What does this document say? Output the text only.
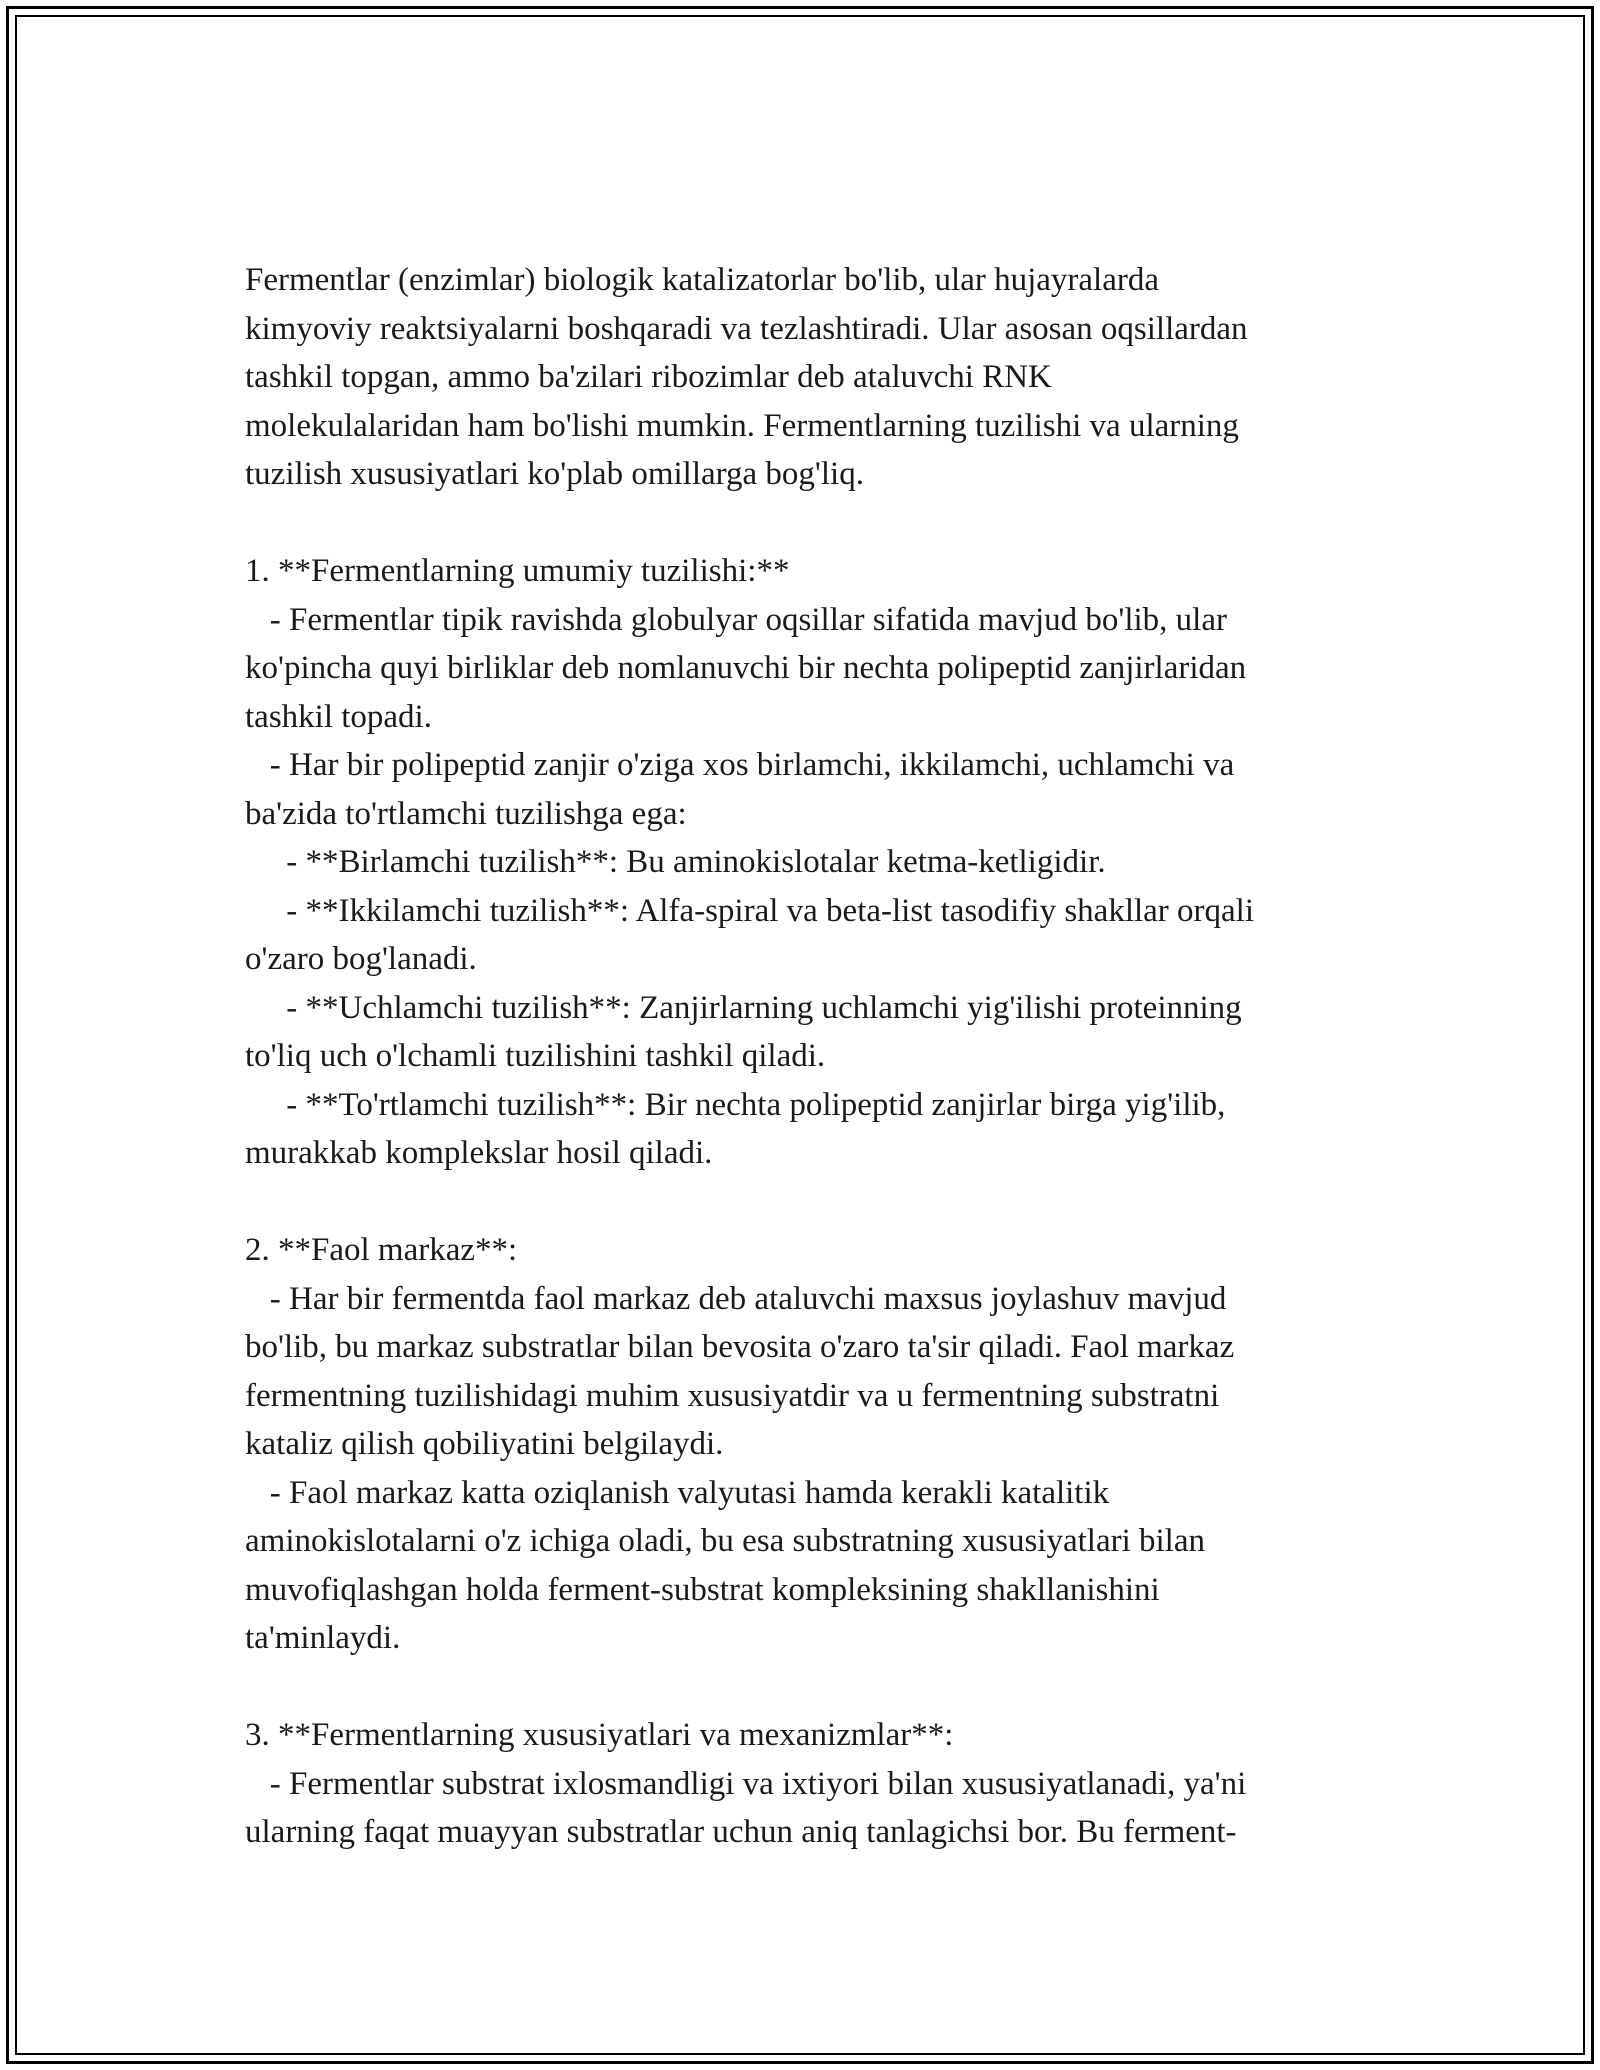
Fermentlar (enzimlar) biologik katalizatorlar bo'lib, ular hujayralarda
kimyoviy reaktsiyalarni boshqaradi va tezlashtiradi. Ular asosan oqsillardan
tashkil topgan, ammo ba'zilari ribozimlar deb ataluvchi RNK
molekulalaridan ham bo'lishi mumkin. Fermentlarning tuzilishi va ularning
tuzilish xususiyatlari ko'plab omillarga bog'liq.
1. **Fermentlarning umumiy tuzilishi:**
- Fermentlar tipik ravishda globulyar oqsillar sifatida mavjud bo'lib, ular
ko'pincha quyi birliklar deb nomlanuvchi bir nechta polipeptid zanjirlaridan
tashkil topadi.
- Har bir polipeptid zanjir o'ziga xos birlamchi, ikkilamchi, uchlamchi va
ba'zida to'rtlamchi tuzilishga ega:
- **Birlamchi tuzilish**: Bu aminokislotalar ketma-ketligidir.
- **Ikkilamchi tuzilish**: Alfa-spiral va beta-list tasodifiy shakllar orqali
o'zaro bog'lanadi.
- **Uchlamchi tuzilish**: Zanjirlarning uchlamchi yig'ilishi proteinning
to'liq uch o'lchamli tuzilishini tashkil qiladi.
- **To'rtlamchi tuzilish**: Bir nechta polipeptid zanjirlar birga yig'ilib,
murakkab komplekslar hosil qiladi.
2. **Faol markaz**:
- Har bir fermentda faol markaz deb ataluvchi maxsus joylashuv mavjud
bo'lib, bu markaz substratlar bilan bevosita o'zaro ta'sir qiladi. Faol markaz
fermentning tuzilishidagi muhim xususiyatdir va u fermentning substratni
kataliz qilish qobiliyatini belgilaydi.
- Faol markaz katta oziqlanish valyutasi hamda kerakli katalitik
aminokislotalarni o'z ichiga oladi, bu esa substratning xususiyatlari bilan
muvofiqlashgan holda ferment-substrat kompleksining shakllanishini
ta'minlaydi.
3. **Fermentlarning xususiyatlari va mexanizmlar**:
- Fermentlar substrat ixlosmandligi va ixtiyori bilan xususiyatlanadi, ya'ni
ularning faqat muayyan substratlar uchun aniq tanlagichsi bor. Bu ferment-
